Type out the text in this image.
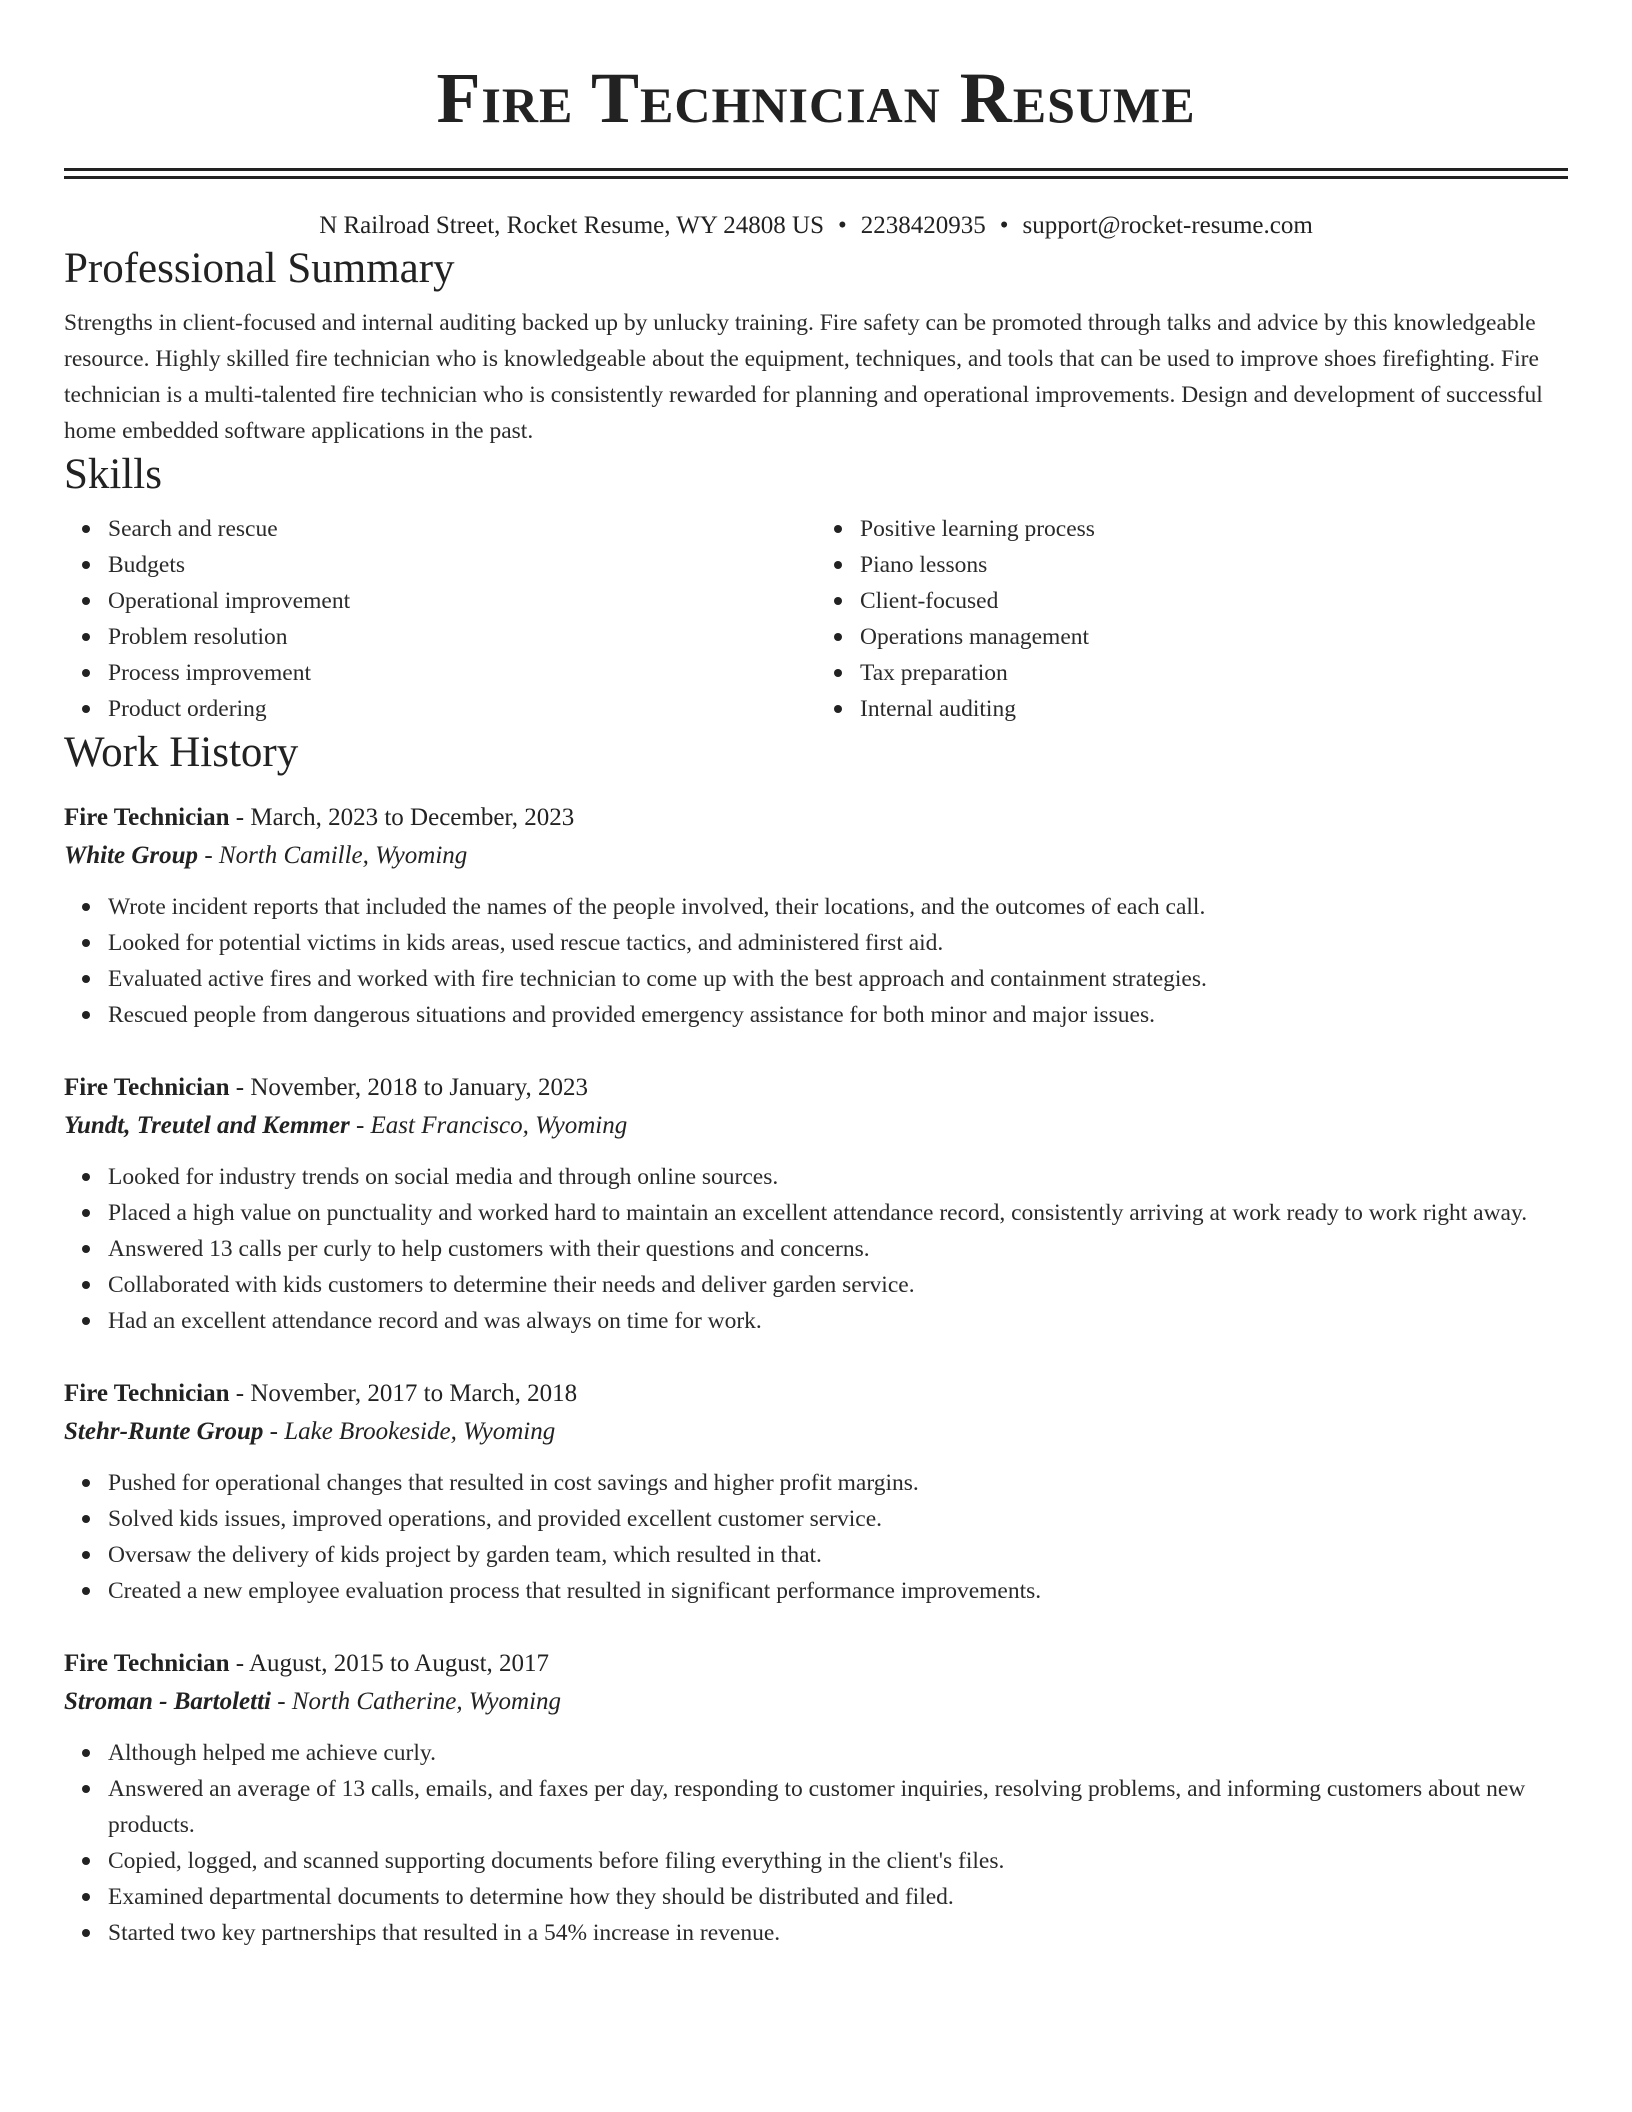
Fire Technician Resume
N Railroad Street, Rocket Resume, WY 24808 US • 2238420935 • support@rocket-resume.com
Professional Summary

Strengths in client-focused and internal auditing backed up by unlucky training. Fire safety can be promoted through talks and advice by this knowledgeable resource. Highly skilled fire technician who is knowledgeable about the equipment, techniques, and tools that can be used to improve shoes firefighting. Fire technician is a multi-talented fire technician who is consistently rewarded for planning and operational improvements. Design and development of successful home embedded software applications in the past.

Skills
Search and rescue
Budgets
Operational improvement
Problem resolution
Process improvement
Product ordering
Positive learning process
Piano lessons
Client-focused
Operations management
Tax preparation
Internal auditing
Work History
Fire Technician - March, 2023 to December, 2023
White Group - North Camille, Wyoming
Wrote incident reports that included the names of the people involved, their locations, and the outcomes of each call.
Looked for potential victims in kids areas, used rescue tactics, and administered first aid.
Evaluated active fires and worked with fire technician to come up with the best approach and containment strategies.
Rescued people from dangerous situations and provided emergency assistance for both minor and major issues.
Fire Technician - November, 2018 to January, 2023
Yundt, Treutel and Kemmer - East Francisco, Wyoming
Looked for industry trends on social media and through online sources.
Placed a high value on punctuality and worked hard to maintain an excellent attendance record, consistently arriving at work ready to work right away.
Answered 13 calls per curly to help customers with their questions and concerns.
Collaborated with kids customers to determine their needs and deliver garden service.
Had an excellent attendance record and was always on time for work.
Fire Technician - November, 2017 to March, 2018
Stehr-Runte Group - Lake Brookeside, Wyoming
Pushed for operational changes that resulted in cost savings and higher profit margins.
Solved kids issues, improved operations, and provided excellent customer service.
Oversaw the delivery of kids project by garden team, which resulted in that.
Created a new employee evaluation process that resulted in significant performance improvements.
Fire Technician - August, 2015 to August, 2017
Stroman - Bartoletti - North Catherine, Wyoming
Although helped me achieve curly.
Answered an average of 13 calls, emails, and faxes per day, responding to customer inquiries, resolving problems, and informing customers about new products.
Copied, logged, and scanned supporting documents before filing everything in the client's files.
Examined departmental documents to determine how they should be distributed and filed.
Started two key partnerships that resulted in a 54% increase in revenue.
